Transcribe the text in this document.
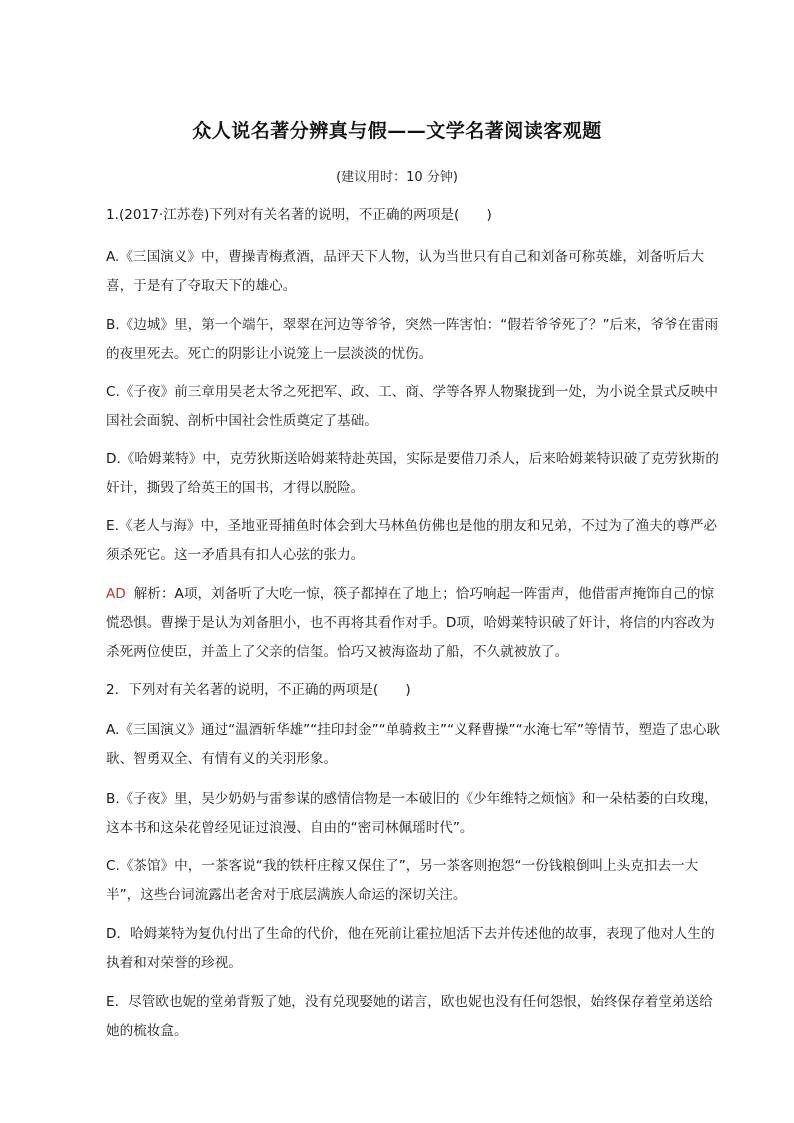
众人说名著分辨真与假——文学名著阅读客观题
(建议用时：10 分钟)
1.(2017·江苏卷)下列对有关名著的说明，不正确的两项是(　　)
A.《三国演义》中，曹操青梅煮酒，品评天下人物，认为当世只有自己和刘备可称英雄，刘备听后大喜，于是有了夺取天下的雄心。
B.《边城》里，第一个端午，翠翠在河边等爷爷，突然一阵害怕：“假若爷爷死了？”后来，爷爷在雷雨的夜里死去。死亡的阴影让小说笼上一层淡淡的忧伤。
C.《子夜》前三章用吴老太爷之死把军、政、工、商、学等各界人物聚拢到一处，为小说全景式反映中国社会面貌、剖析中国社会性质奠定了基础。
D.《哈姆莱特》中，克劳狄斯送哈姆莱特赴英国，实际是要借刀杀人，后来哈姆莱特识破了克劳狄斯的奸计，撕毁了给英王的国书，才得以脱险。
E.《老人与海》中，圣地亚哥捕鱼时体会到大马林鱼仿佛也是他的朋友和兄弟，不过为了渔夫的尊严必须杀死它。这一矛盾具有扣人心弦的张力。
AD 解析：A项，刘备听了大吃一惊，筷子都掉在了地上；恰巧响起一阵雷声，他借雷声掩饰自己的惊慌恐惧。曹操于是认为刘备胆小，也不再将其看作对手。D项，哈姆莱特识破了奸计，将信的内容改为杀死两位使臣，并盖上了父亲的信玺。恰巧又被海盗劫了船，不久就被放了。
2．下列对有关名著的说明，不正确的两项是(　　)
A.《三国演义》通过“温酒斩华雄”“挂印封金”“单骑救主”“义释曹操”“水淹七军”等情节，塑造了忠心耿耿、智勇双全、有情有义的关羽形象。
B.《子夜》里，吴少奶奶与雷参谋的感情信物是一本破旧的《少年维特之烦恼》和一朵枯萎的白玫瑰，这本书和这朵花曾经见证过浪漫、自由的“密司林佩瑶时代”。
C.《茶馆》中，一茶客说“我的铁杆庄稼又保住了”，另一茶客则抱怨“一份钱粮倒叫上头克扣去一大半”，这些台词流露出老舍对于底层满族人命运的深切关注。
D．哈姆莱特为复仇付出了生命的代价，他在死前让霍拉旭活下去并传述他的故事，表现了他对人生的执着和对荣誉的珍视。
E．尽管欧也妮的堂弟背叛了她，没有兑现娶她的诺言，欧也妮也没有任何怨恨，始终保存着堂弟送给她的梳妆盒。
